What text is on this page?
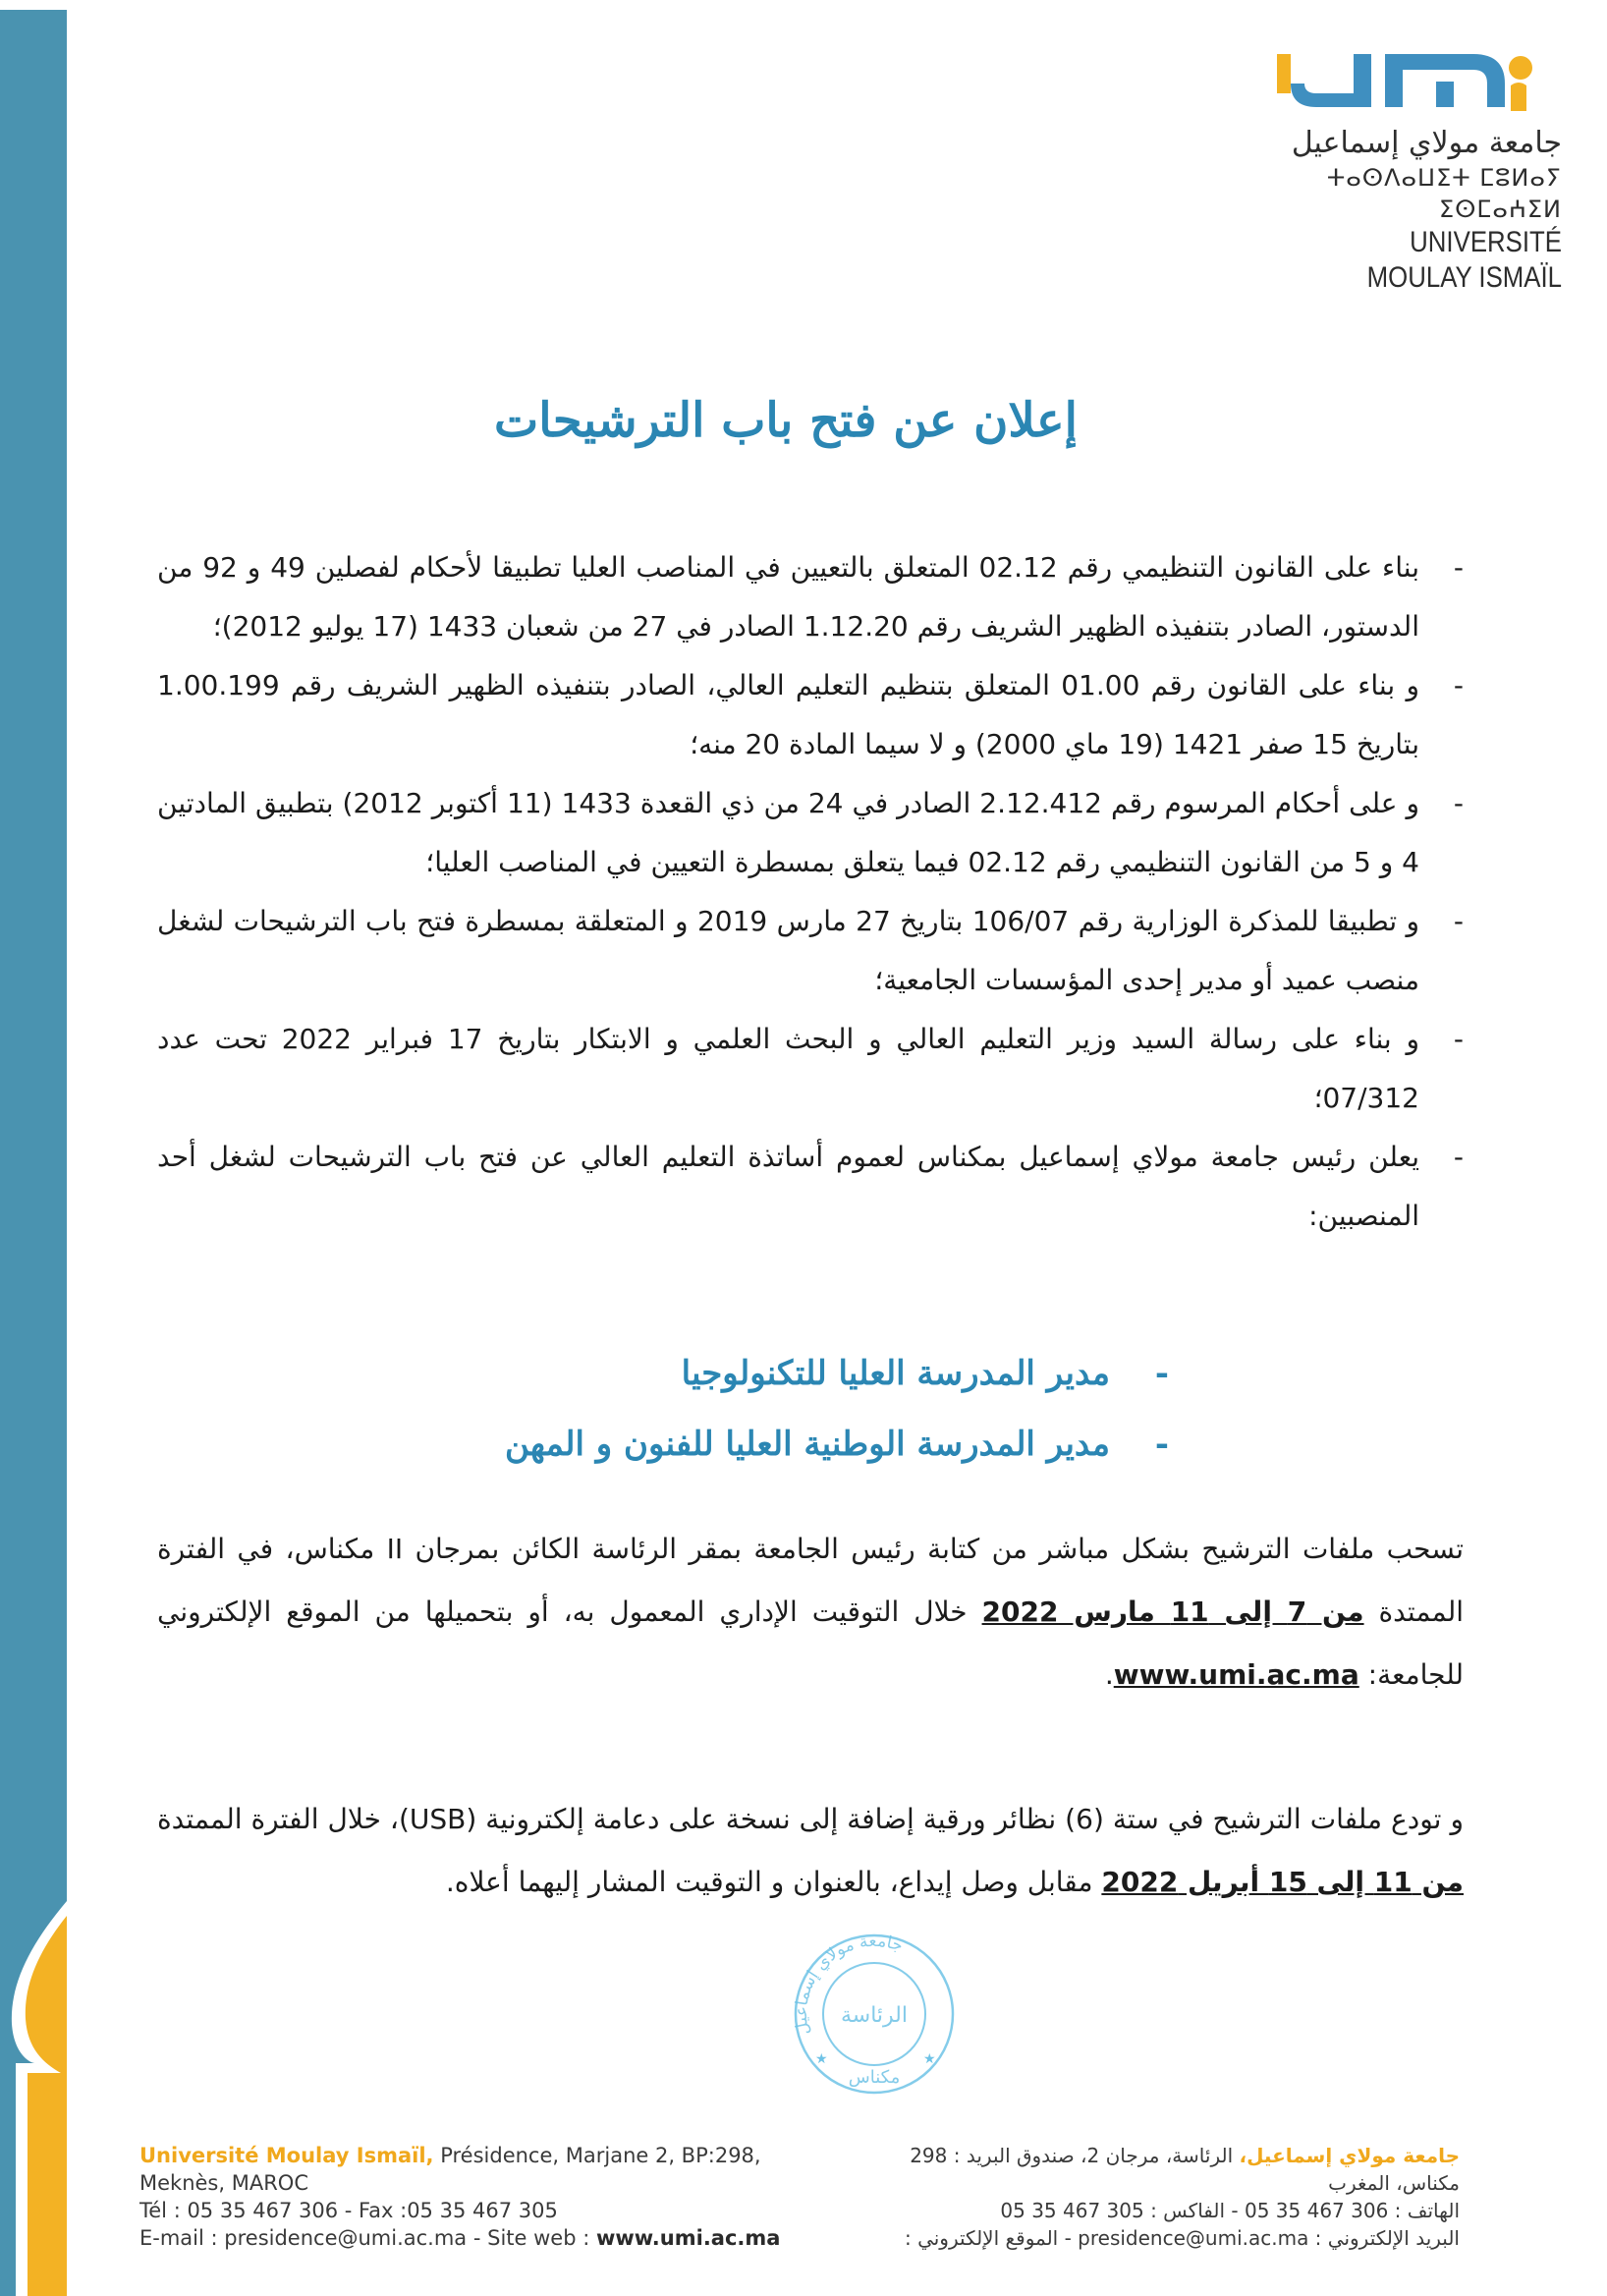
جامعة مولاي إسماعيل
ⵜⴰⵙⴷⴰⵡⵉⵜ ⵎⵓⵍⴰⵢ ⵉⵙⵎⴰⵄⵉⵍ
UNIVERSITÉ MOULAY ISMAÏL
إعلان عن فتح باب الترشيحات
-
بناء على القانون التنظيمي رقم 02.12 المتعلق بالتعيين في المناصب العليا تطبيقا لأحكام لفصلين 49 و 92 من الدستور، الصادر بتنفيذه الظهير الشريف رقم 1.12.20 الصادر في 27 من شعبان 1433 (17 يوليو 2012)؛
-
و بناء على القانون رقم 01.00 المتعلق بتنظيم التعليم العالي، الصادر بتنفيذه الظهير الشريف رقم 1.00.199 بتاريخ 15 صفر 1421 (19 ماي 2000) و لا سيما المادة 20 منه؛
-
و على أحكام المرسوم رقم 2.12.412 الصادر في 24 من ذي القعدة 1433 (11 أكتوبر 2012) بتطبيق المادتين 4 و 5 من القانون التنظيمي رقم 02.12 فيما يتعلق بمسطرة التعيين في المناصب العليا؛
-
و تطبيقا للمذكرة الوزارية رقم 106/07 بتاريخ 27 مارس 2019 و المتعلقة بمسطرة فتح باب الترشيحات لشغل منصب عميد أو مدير إحدى المؤسسات الجامعية؛
-
و بناء على رسالة السيد وزير التعليم العالي و البحث العلمي و الابتكار بتاريخ 17 فبراير 2022 تحت عدد 07/312؛
-
يعلن رئيس جامعة مولاي إسماعيل بمكناس لعموم أساتذة التعليم العالي عن فتح باب الترشيحات لشغل أحد المنصبين:
-
مدير المدرسة العليا للتكنولوجيا
-
مدير المدرسة الوطنية العليا للفنون و المهن
تسحب ملفات الترشيح بشكل مباشر من كتابة رئيس الجامعة بمقر الرئاسة الكائن بمرجان II مكناس، في الفترة الممتدة من 7 إلى 11 مارس 2022 خلال التوقيت الإداري المعمول به، أو بتحميلها من الموقع الإلكتروني للجامعة: www.umi.ac.ma.
و تودع ملفات الترشيح في ستة (6) نظائر ورقية إضافة إلى نسخة على دعامة إلكترونية (USB)، خلال الفترة الممتدة من 11 إلى 15 أبريل 2022 مقابل وصل إيداع، بالعنوان و التوقيت المشار إليهما أعلاه.
جامعة مولاي إسماعيل
الرئاسة
مكناس
★	★
Université Moulay Ismaïl, Présidence, Marjane 2, BP:298,
Meknès, MAROC
Tél : 05 35 467 306 - Fax :05 35 467 305
E-mail : presidence@umi.ac.ma - Site web : www.umi.ac.ma
جامعة مولاي إسماعيل، الرئاسة، مرجان 2، صندوق البريد : 298
مكناس، المغرب
الهاتف : 05 35 467 306 - الفاكس : 05 35 467 305
البريد الإلكتروني : presidence@umi.ac.ma - الموقع الإلكتروني :
